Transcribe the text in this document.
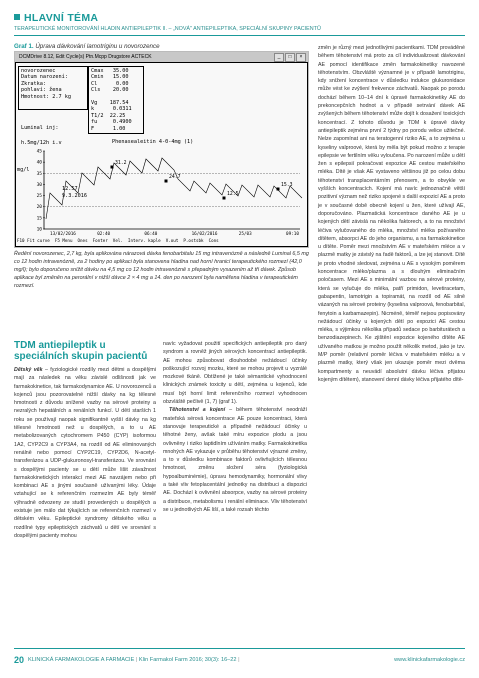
HLAVNÍ TÉMA
TERAPEUTICKÉ MONITOROVÁNÍ HLADIN ANTIEPILEPTIK II. – „NOVÁ" ANTIEPILEPTIKA, SPECIÁLNÍ SKUPINY PACIENTŮ
Graf 1. Úprava dávkování lamotriginu u novorozence
DCMDrive 8.12, Edit Cycle(s) Ptn.Mcpp Drugstore ACTECK	_	□	×
novorozenec
Datum narození:
Zkratka:
pohlaví: žena
Hmotnost: 2.7 kg
Cmax   35.00
Cmin   15.00
Cl      0.00
Cls    20.00

Vg    187.54
k      0.0311
T1/2  22.25
fu     0.4900
F      1.00
Luminal inj:
h.5mg/12h i.v
mg/l
Phenasealeitin 4-0-4mg (1)
12.57
9.3.2016
45
40
35
30
25
20
15
10
31.2
24.7
12.5
15.3
13/02/2016	02:40	06:40	16/02/2016	25/03	09:10
F10 Fit curve  F5 Menu  Ones  Fonter  Vel.  Interv. kaple  V.out  P.ostsbk  Cons
Ředění novorozenec, 2,7 kg, byla aplikována nárazová dávka fenobarbitalu 15 mg intravenózně a následně Luminal 6,5 mg co 12 hodin intravenózně, za 2 hodiny po aplikaci byla stanovena hladina nad horní hranicí terapeutického rozmezí (42,0 mg/l); bylo doporučeno snížit dávku na 4,5 mg co 12 hodin intravenózně s přepadným vysazením až tři dávek. Způsob aplikace byl změněn na perorální v nižší dávce 2 × 4 mg a 14. den po narození byla naměřena hladina v terapeutickém rozmezí.
TDM antiepileptik u speciálních skupin pacientů

Dětský věk – fyziologické rozdíly mezi dětmi a dospělými mají za následek na věku závislé odlišnosti jak ve farmakokinetice, tak farmakodynamice AE. U novorozenců a kojenců jsou pozorovatelné nižší dávky na kg tělesné hmotnosti z důvodu snížené vazby na sérové proteiny a nezralých hepatálních a renálních funkcí. U dětí starších 1 roku se používají naopak signifikantně vyšší dávky na kg tělesné hmotnosti než u dospělých, a to u AE metabolizovaných cytochromem P450 (CYP) isoformou 1A2, CYP2C9 a CYP3A4, na rozdíl od AE eliminovaných renálně nebo pomocí CYP2C19, CYP2D6, N-acetyl-transferázou a UDP-glukuronosyl-transferázou. Ve srovnání s dospělými pacienty se u dětí může lišit závažnost farmakokinetických interakcí mezi AE navzájem nebo při kombinaci AE s jinými současně užívanými léky. Údaje vztahující se k referenčním rozmezím AE byly téměř výhradně odvozeny ze studií provedených u dospělých a existuje jen málo dat týkajících se referenčních rozmezí v dětském věku. Epileptické syndromy dětského věku a rozdílné typy epileptických záchvatů u dětí ve srovnání s dospělými pacienty mohou

navíc vyžadovat použití specifických antiepileptik pro daný syndrom a rovněž jiných sérových koncentrací antiepileptik. AE mohou způsobovat dlouhodobé nežádoucí účinky poškozující rozvoj mozku, které se mohou projevit u vyzrálé mozkové tkáně. Obtížené je také sémantické vyhodnocení klinických známek toxicity u dětí, zejména u kojenců, kde musí být horní limit referenčního rozmezí vyhodnocen obzvláště pečlivě (1, 7) (graf 1).

Těhotenství a kojení – během těhotenství neodráží mateřská sérová koncentrace AE pouze koncentraci, která stanovuje terapeutické a případně nežádoucí účinky u těhotné ženy, avšak také míru expozice plodu a jsou ovlivněny i riziko laptidlním užíváním matky. Farmakokinetika mnohých AE vykazuje v průběhu těhotenství výrazné změny, a to v důsledku kombinace faktorů ovlivňujících tělesnou hmotnost, změnu složení séra (fyziologická hypoalbuminémie), úpravu hemodynamiky, hormonální vlivy a také vliv fetoplacentální jednotky na distribuci a dispozici AE. Dochází k ovlivnění absorpce, vazby na sérové proteiny a distribuce, metabolismu i renální eliminace. Vliv těhotenství se u jednotlivých AE liší, a také rozsah těchto

změn je různý mezi jednotlivými pacientkami. TDM prováděné během těhotenství má proto za cíl individualizovat dávkování AE pomocí identifikace změn farmakokinetiky navozené těhotenstvím. Obzvláště významné je v případě lamotriginu, kdy snížení koncentrace v důsledku indukce glukuronidace může vést ke zvýšení frekvence záchvatů. Naopak po porodu dochází během 10–14 dní k úpravě farmakokinetiky AE do prekoncepčních hodnot a v případě setrvání dávek AE zvýšených během těhotenství může dojít k dosažení toxických koncentrací. Z tohoto důvodu je TDM k úpravě dávky antiepileptik zejména první 2 týdny po porodu velice užitečné. Nelze zapomínat ani na teratogenní riziko AE, a to zejména u kyseliny valproové, která by měla být pokud možno z terapie epilepsie ve fertilním věku vyloučena. Po narození může u dětí žen s epilepsií pokračovat expozice AE cestou mateřského mléka. Dítě je však AE vystaveno většinou již po celou dobu těhotenství transplacentárním přenosem, a to obvykle ve vyšších koncentracích. Kojení má navíc jednoznačně větší pozitivní význam než riziko spojené s další expozicí AE a proto je v současné době obecně kojení u žen, které užívají AE, doporučováno. Plazmatická koncentrace daného AE je u kojených dětí závislá na několika faktorech, a to na množství léčiva vylučovaného do mléka, množství mléka požívaného dítětem, absorpci AE do jeho organismu, a na farmakokinetice u dítěte. Poměr mezi množstvím AE v mateřském mléce a v plazmě matky je závislý na řadě faktorů, a lze jej stanovit. Dítě je proto vhodné sledovat, zejména u AE s vysokým poměrem koncentrace mléko/plazma a s dlouhým eliminačním poločasem. Mezi AE s minimální vazbou na sérové proteiny, která se vylučuje do mléka, patří primidon, levetiracetam, gabapentin, lamotrigin a topiramát, na rozdíl od AE silně vázaných na sérové proteiny (kyselina valproová, fenobarbital, fenytoin a karbamazepin). Nicméně, téměř nejsou popisovány nežádoucí účinky u kojených dětí po expozici AE cestou mléka, s výjimkou několika případů sedace po barbiturátech a benzodiazepinech. Ke zjištění expozice kojeného dítěte AE užívaného matkou je možno použít několik metod, jako je tzv. M/P poměr (relativní poměr léčiva v mateřském mléku a v plazmě matky, který však jen ukazuje poměr mezi dvěma kompartmenty a neuvádí absolutní dávku léčiva přijatou kojeným dítětem), stanovení denní dávky léčiva přijatého dítě-

20 KLINICKÁ FARMAKOLOGIE A FARMACIE | Klin Farmakol Farm 2016; 30(3): 16–22 |	www.klinickafarmakologie.cz
